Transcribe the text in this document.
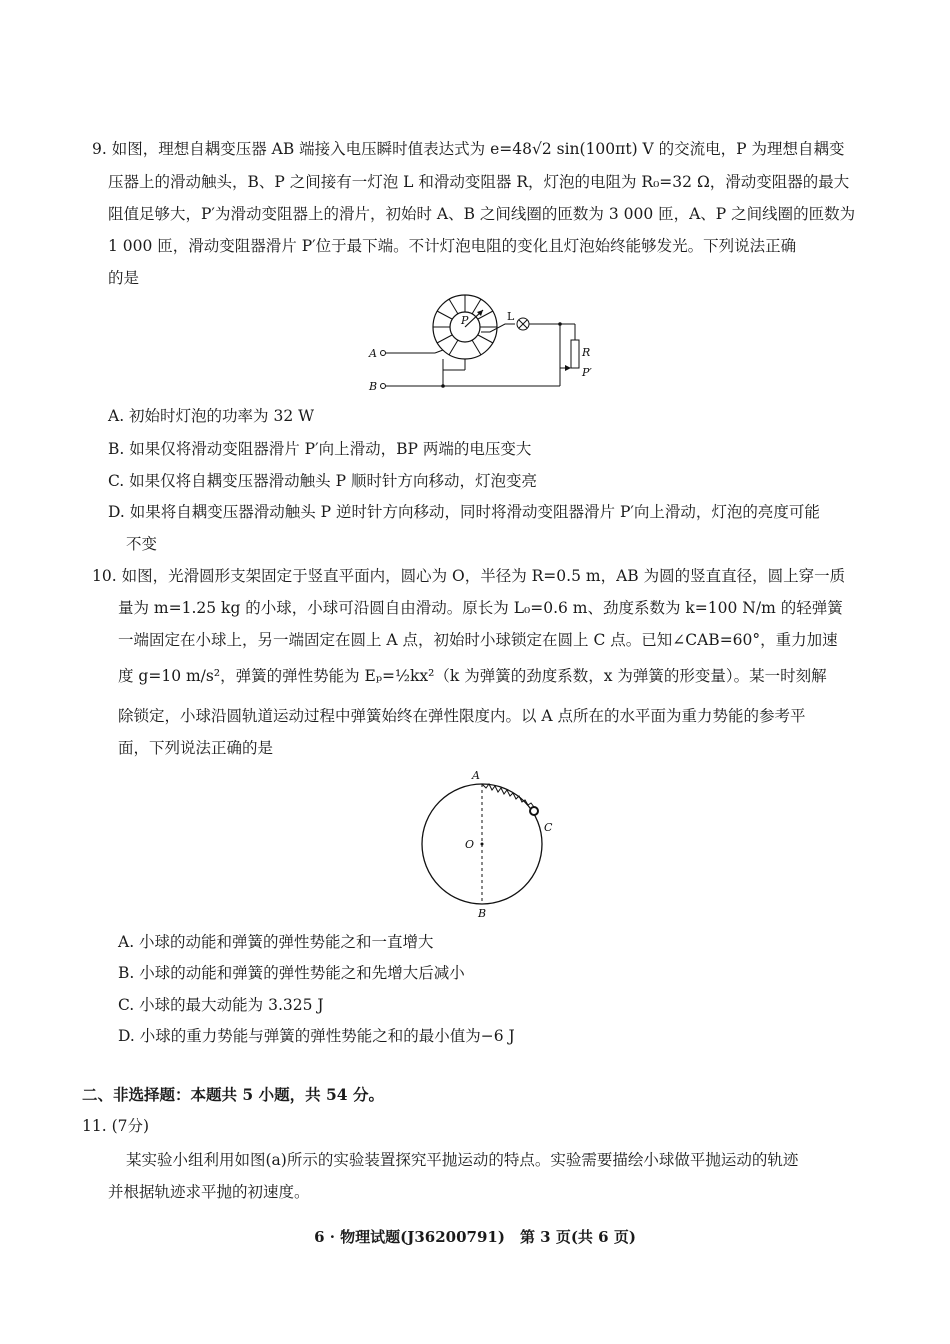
9. 如图，理想自耦变压器 AB 端接入电压瞬时值表达式为 e=48√2 sin(100πt) V 的交流电，P 为理想自耦变
压器上的滑动触头，B、P 之间接有一灯泡 L 和滑动变阻器 R，灯泡的电阻为 R₀=32 Ω，滑动变阻器的最大
阻值足够大，P′为滑动变阻器上的滑片，初始时 A、B 之间线圈的匝数为 3 000 匝，A、P 之间线圈的匝数为
1 000 匝，滑动变阻器滑片 P′位于最下端。不计灯泡电阻的变化且灯泡始终能够发光。下列说法正确
的是
P	L
R
P′
A
B
A. 初始时灯泡的功率为 32 W
B. 如果仅将滑动变阻器滑片 P′向上滑动，BP 两端的电压变大
C. 如果仅将自耦变压器滑动触头 P 顺时针方向移动，灯泡变亮
D. 如果将自耦变压器滑动触头 P 逆时针方向移动，同时将滑动变阻器滑片 P′向上滑动，灯泡的亮度可能
不变
10. 如图，光滑圆形支架固定于竖直平面内，圆心为 O，半径为 R=0.5 m，AB 为圆的竖直直径，圆上穿一质
量为 m=1.25 kg 的小球，小球可沿圆自由滑动。原长为 L₀=0.6 m、劲度系数为 k=100 N/m 的轻弹簧
一端固定在小球上，另一端固定在圆上 A 点，初始时小球锁定在圆上 C 点。已知∠CAB=60°，重力加速
度 g=10 m/s²，弹簧的弹性势能为 Eₚ=½kx²（k 为弹簧的劲度系数，x 为弹簧的形变量）。某一时刻解
除锁定，小球沿圆轨道运动过程中弹簧始终在弹性限度内。以 A 点所在的水平面为重力势能的参考平
面，下列说法正确的是
A
C
O
B
A. 小球的动能和弹簧的弹性势能之和一直增大
B. 小球的动能和弹簧的弹性势能之和先增大后减小
C. 小球的最大动能为 3.325 J
D. 小球的重力势能与弹簧的弹性势能之和的最小值为−6 J
二、非选择题：本题共 5 小题，共 54 分。
11. (7分)
某实验小组利用如图(a)所示的实验装置探究平抛运动的特点。实验需要描绘小球做平抛运动的轨迹
并根据轨迹求平抛的初速度。
6 · 物理试题(J36200791)　第 3 页(共 6 页)
